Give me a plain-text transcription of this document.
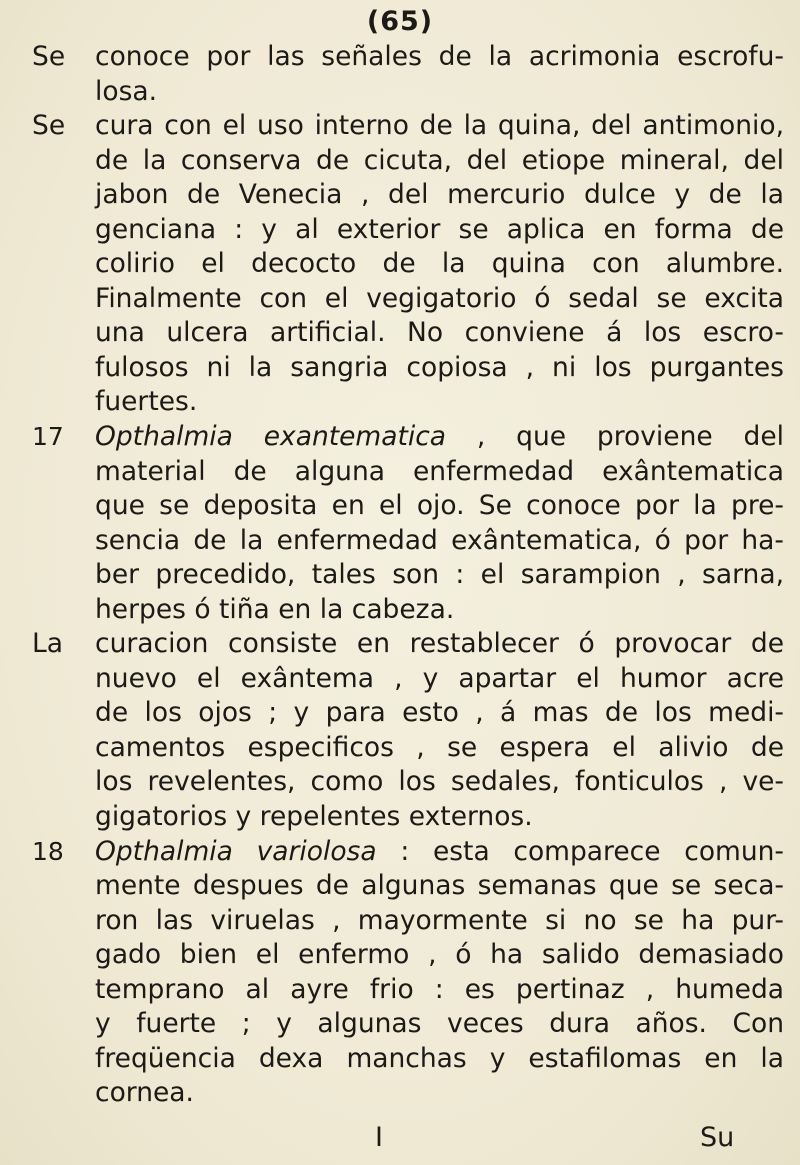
(65)
Se conoce por las señales de la acrimonia escrofu-
losa.
Se cura con el uso interno de la quina, del antimonio,
de la conserva de cicuta, del etiope mineral, del
jabon de Venecia , del mercurio dulce y de la
genciana : y al exterior se aplica en forma de
colirio el decocto de la quina con alumbre.
Finalmente con el vegigatorio ó sedal se excita
una ulcera artificial. No conviene á los escro-
fulosos ni la sangria copiosa , ni los purgantes
fuertes.
17 Opthalmia exantematica , que proviene del
material de alguna enfermedad exântematica
que se deposita en el ojo. Se conoce por la pre-
sencia de la enfermedad exântematica, ó por ha-
ber precedido, tales son : el sarampion , sarna,
herpes ó tiña en la cabeza.
La curacion consiste en restablecer ó provocar de
nuevo el exântema , y apartar el humor acre
de los ojos ; y para esto , á mas de los medi-
camentos especificos , se espera el alivio de
los revelentes, como los sedales, fonticulos , ve-
gigatorios y repelentes externos.
18 Opthalmia variolosa : esta comparece comun-
mente despues de algunas semanas que se seca-
ron las viruelas , mayormente si no se ha pur-
gado bien el enfermo , ó ha salido demasiado
temprano al ayre frio : es pertinaz , humeda
y fuerte ; y algunas veces dura años. Con
freqüencia dexa manchas y estafilomas en la
cornea.
I	Su
